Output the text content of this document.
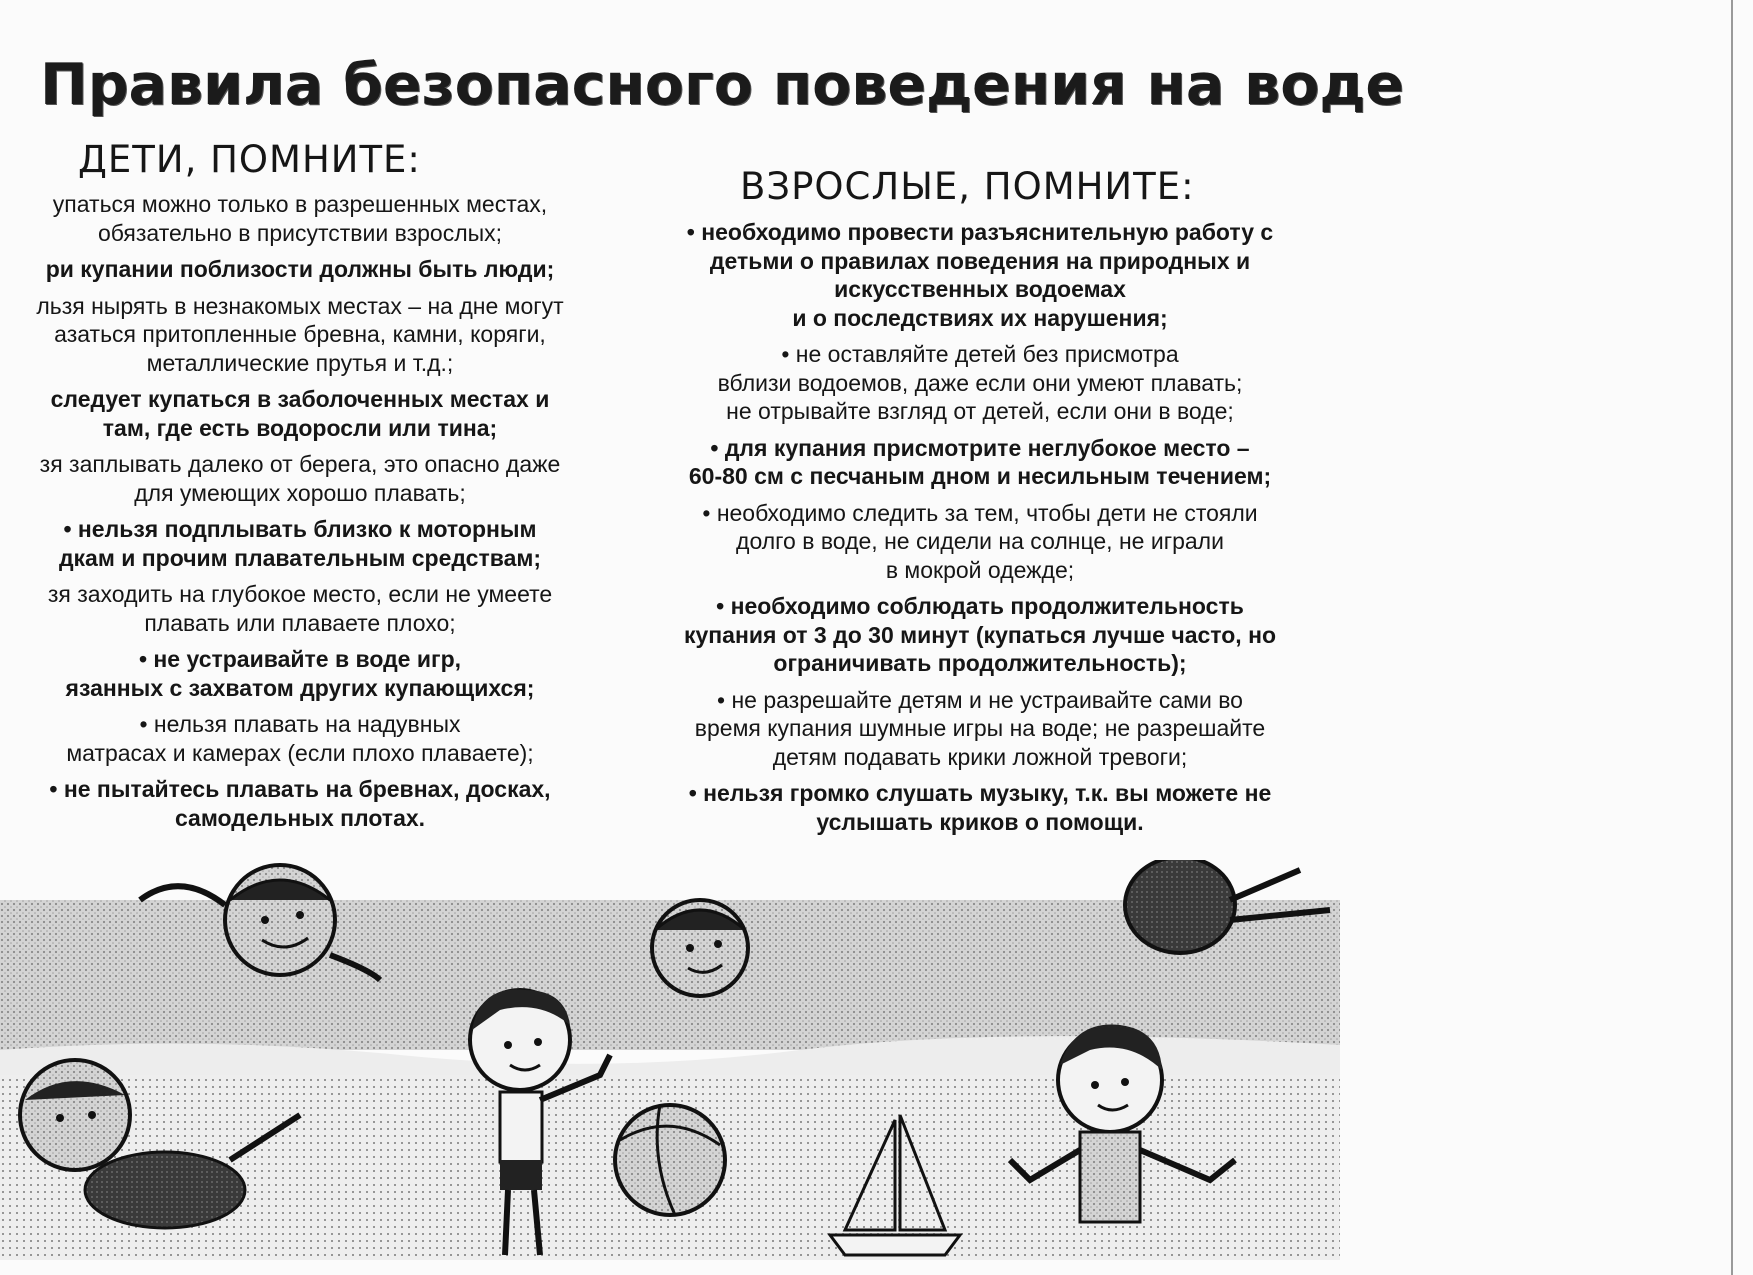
Правила безопасного поведения на воде
ДЕТИ, ПОМНИТЕ:
ВЗРОСЛЫЕ, ПОМНИТЕ:
упаться можно только в разрешенных местах,
обязательно в присутствии взрослых;
ри купании поблизости должны быть люди;
льзя нырять в незнакомых местах – на дне могут
азаться притопленные бревна, камни, коряги,
металлические прутья и т.д.;
следует купаться в заболоченных местах и
там, где есть водоросли или тина;
зя заплывать далеко от берега, это опасно даже
для умеющих хорошо плавать;
• нельзя подплывать близко к моторным
дкам и прочим плавательным средствам;
зя заходить на глубокое место, если не умеете
плавать или плаваете плохо;
• не устраивайте в воде игр,
язанных с захватом других купающихся;
• нельзя плавать на надувных
матрасах и камерах (если плохо плаваете);
• не пытайтесь плавать на бревнах, досках,
самодельных плотах.
• необходимо провести разъяснительную работу с
детьми о правилах поведения на природных и
искусственных водоемах
и о последствиях их нарушения;
• не оставляйте детей без присмотра
вблизи водоемов, даже если они умеют плавать;
не отрывайте взгляд от детей, если они в воде;
• для купания присмотрите неглубокое место –
60-80 см с песчаным дном и несильным течением;
• необходимо следить за тем, чтобы дети не стояли
долго в воде, не сидели на солнце, не играли
в мокрой одежде;
• необходимо соблюдать продолжительность
купания от 3 до 30 минут (купаться лучше часто, но
ограничивать продолжительность);
• не разрешайте детям и не устраивайте сами во
время купания шумные игры на воде; не разрешайте
детям подавать крики ложной тревоги;
• нельзя громко слушать музыку, т.к. вы можете не
услышать криков о помощи.
